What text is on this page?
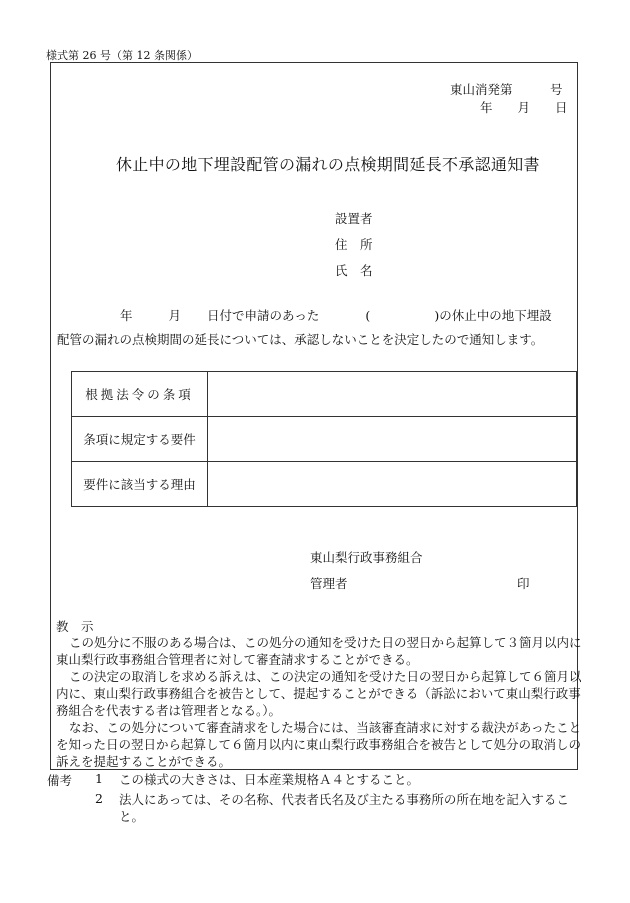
様式第 26 号（第 12 条関係）
東山消発第　　　号
年　　月　　日
休止中の地下埋設配管の漏れの点検期間延長不承認通知書
設置者
住　所
氏　名
年	月 日付で申請のあった	(	)の休止中の地下埋設
配管の漏れの点検期間の延長については、承認しないことを決定したので通知します。
根拠法令の条項	
条項に規定する要件	
要件に該当する理由	
東山梨行政事務組合
管理者	印
教　示
この処分に不服のある場合は、この処分の通知を受けた日の翌日から起算して３箇月以内に東山梨行政事務組合管理者に対して審査請求することができる。
この決定の取消しを求める訴えは、この決定の通知を受けた日の翌日から起算して６箇月以内に、東山梨行政事務組合を被告として、提起することができる（訴訟において東山梨行政事務組合を代表する者は管理者となる。）。
なお、この処分について審査請求をした場合には、当該審査請求に対する裁決があったことを知った日の翌日から起算して６箇月以内に東山梨行政事務組合を被告として処分の取消しの訴えを提起することができる。
備考 1 この様式の大きさは、日本産業規格Ａ４とすること。
2 法人にあっては、その名称、代表者氏名及び主たる事務所の所在地を記入すること。
